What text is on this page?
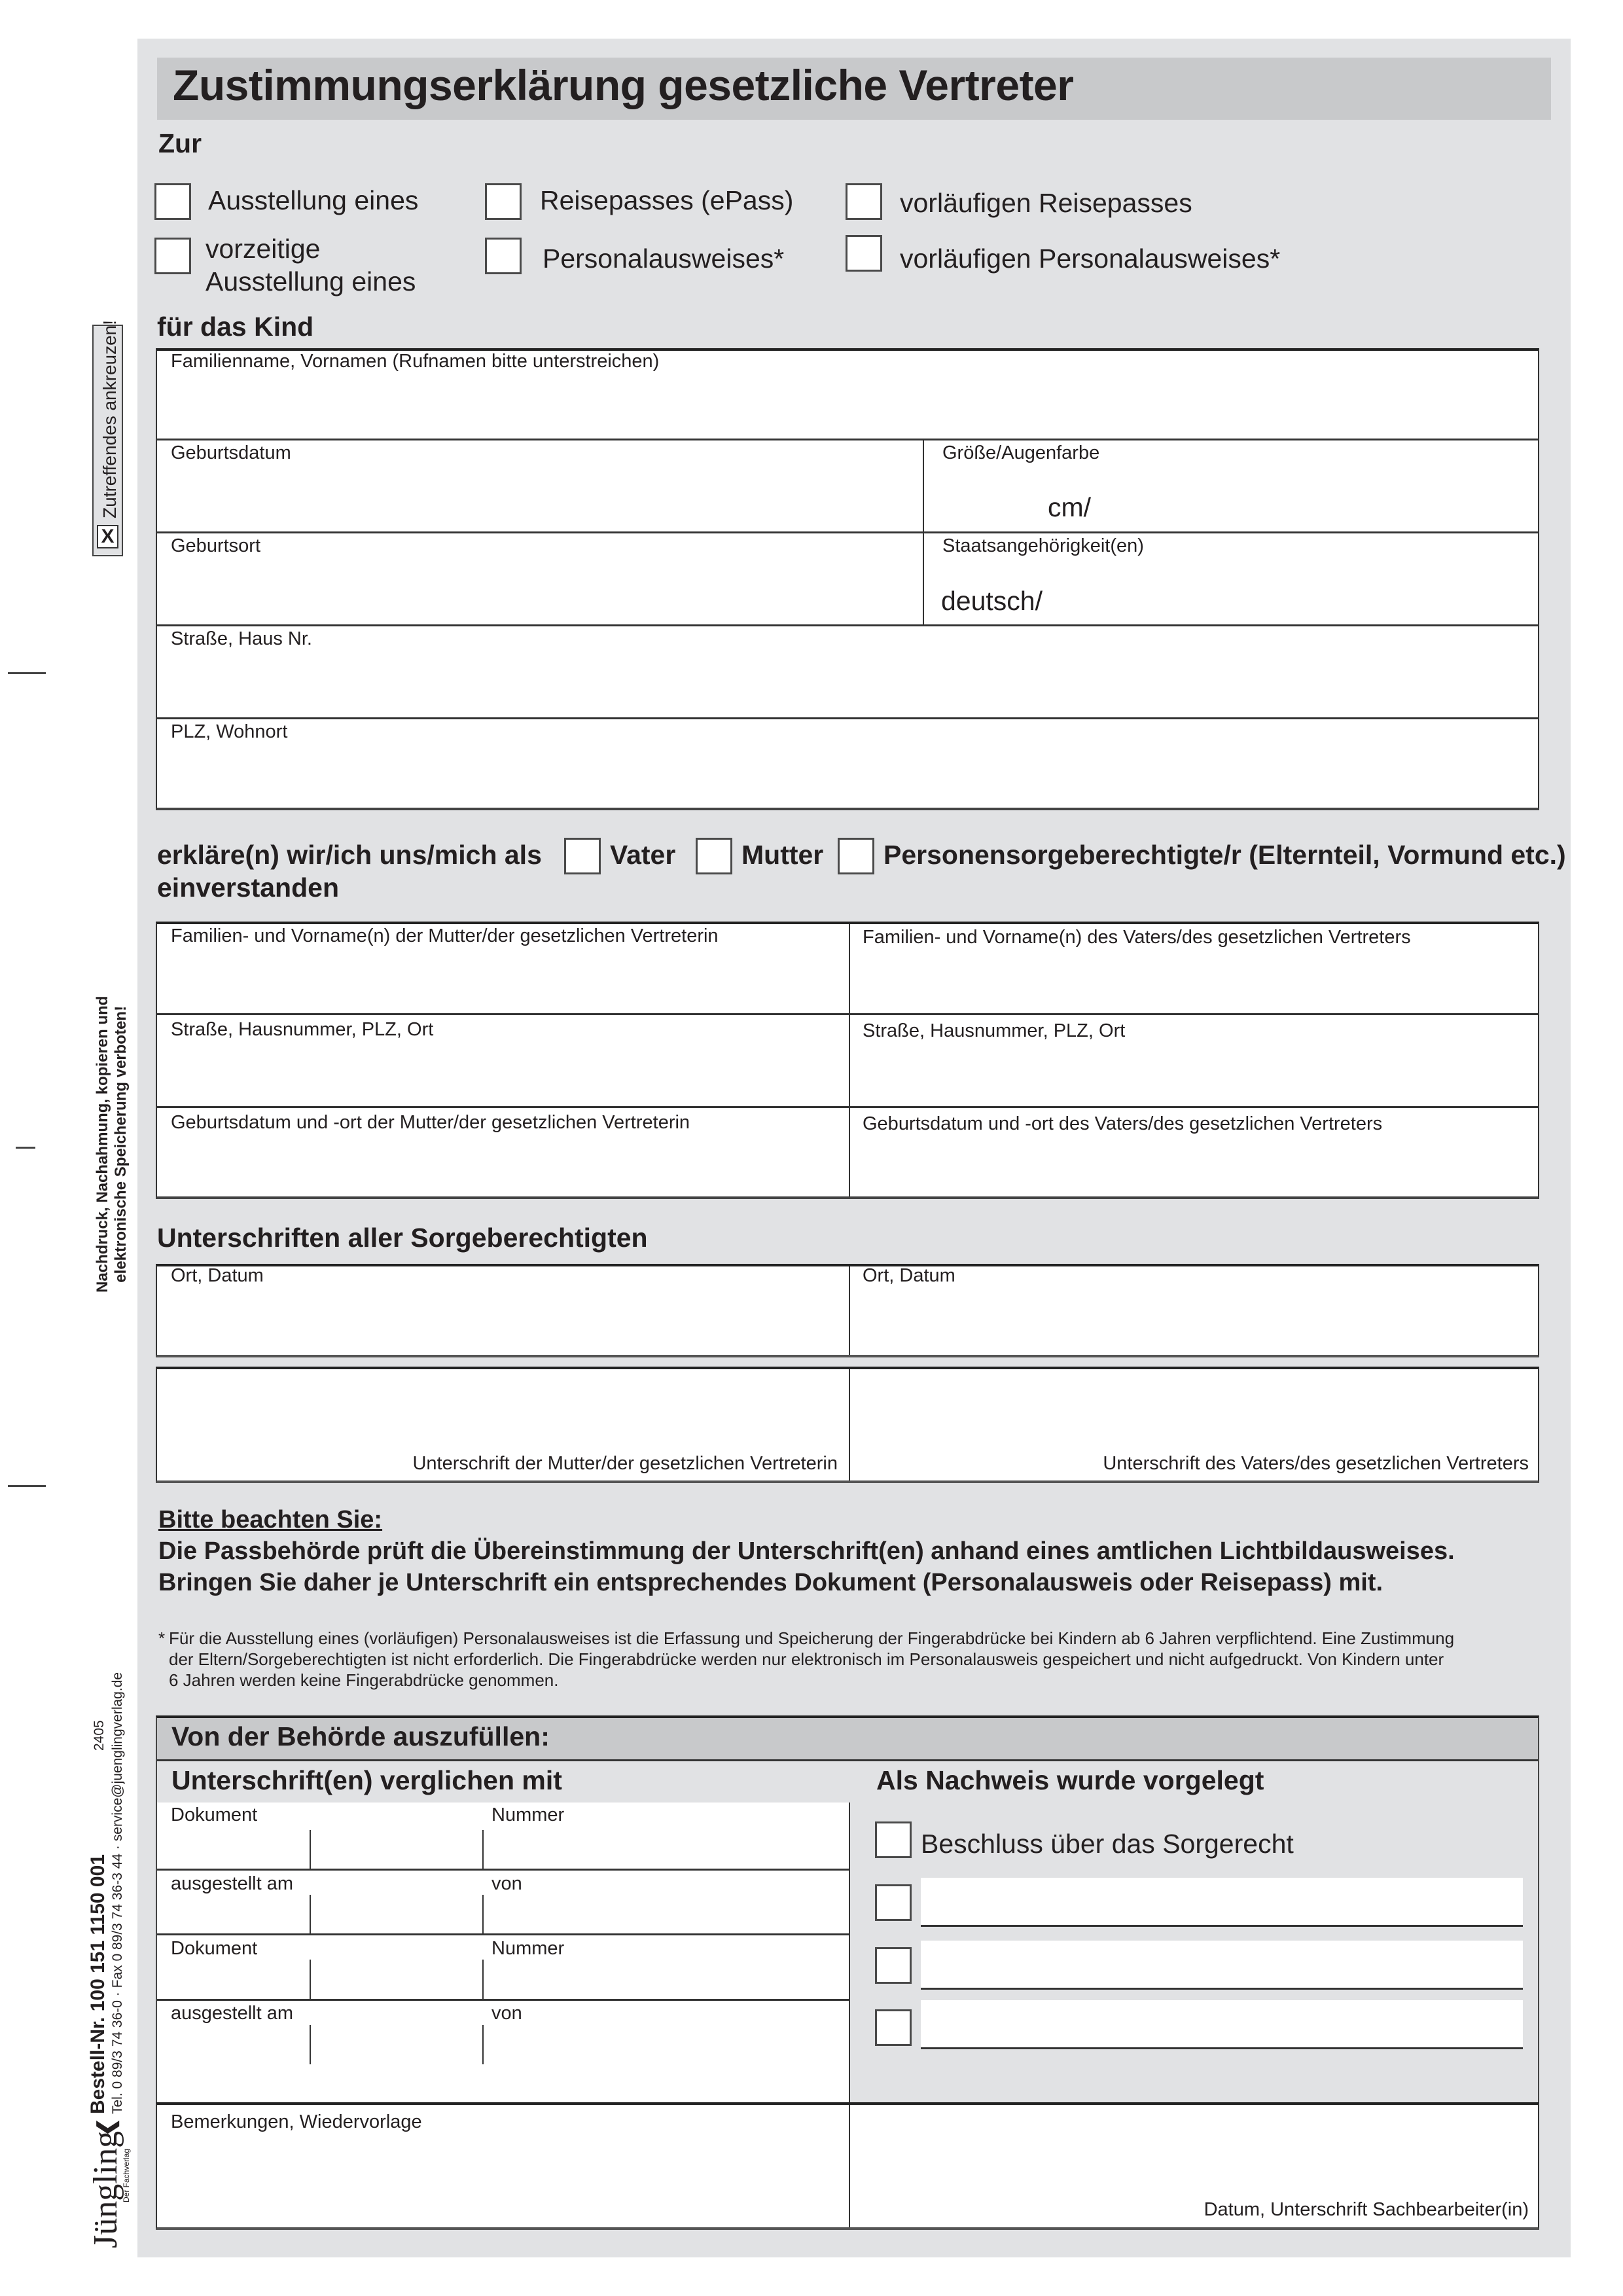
Zustimmungserklärung gesetzliche Vertreter
X
Zutreffendes ankreuzen!
Nachdruck, Nachahmung, kopieren und elektronische Speicherung verboten!
Jüngling
❮
Der Fachverlag
Bestell-Nr. 100 151 1150 001 Tel. 0 89/3 74 36-0 · Fax 0 89/3 74 36-3 44 · service@juenglingverlag.de
2405
Zur
Ausstellung eines	Reisepasses (ePass)	vorläufigen Reisepasses
vorzeitige
Ausstellung eines
Personalausweises*	vorläufigen Personalausweises*
für das Kind
Familienname, Vornamen (Rufnamen bitte unterstreichen)
Geburtsdatum	Größe/Augenfarbe
cm/
Geburtsort	Staatsangehörigkeit(en)
deutsch/
Straße, Haus Nr.
PLZ, Wohnort
erkläre(n) wir/ich uns/mich als	Vater Mutter Personensorgeberechtigte/r (Elternteil, Vormund etc.)
einverstanden
Familien- und Vorname(n) der Mutter/der gesetzlichen Vertreterin	Familien- und Vorname(n) des Vaters/des gesetzlichen Vertreters
Straße, Hausnummer, PLZ, Ort	Straße, Hausnummer, PLZ, Ort
Geburtsdatum und -ort der Mutter/der gesetzlichen Vertreterin	Geburtsdatum und -ort des Vaters/des gesetzlichen Vertreters
Unterschriften aller Sorgeberechtigten
Ort, Datum	Ort, Datum
Unterschrift der Mutter/der gesetzlichen Vertreterin	Unterschrift des Vaters/des gesetzlichen Vertreters
Bitte beachten Sie:
Die Passbehörde prüft die Übereinstimmung der Unterschrift(en) anhand eines amtlichen Lichtbildausweises.
Bringen Sie daher je Unterschrift ein entsprechendes Dokument (Personalausweis oder Reisepass) mit.
* Für die Ausstellung eines (vorläufigen) Personalausweises ist die Erfassung und Speicherung der Fingerabdrücke bei Kindern ab 6 Jahren verpflichtend. Eine Zustimmung
der Eltern/Sorgeberechtigten ist nicht erforderlich. Die Fingerabdrücke werden nur elektronisch im Personalausweis gespeichert und nicht aufgedruckt. Von Kindern unter
6 Jahren werden keine Fingerabdrücke genommen.
Von der Behörde auszufüllen:
Unterschrift(en) verglichen mit	Als Nachweis wurde vorgelegt
Dokument	Nummer
ausgestellt am	von
Dokument	Nummer
ausgestellt am	von
Beschluss über das Sorgerecht
Bemerkungen, Wiedervorlage
Datum, Unterschrift Sachbearbeiter(in)
